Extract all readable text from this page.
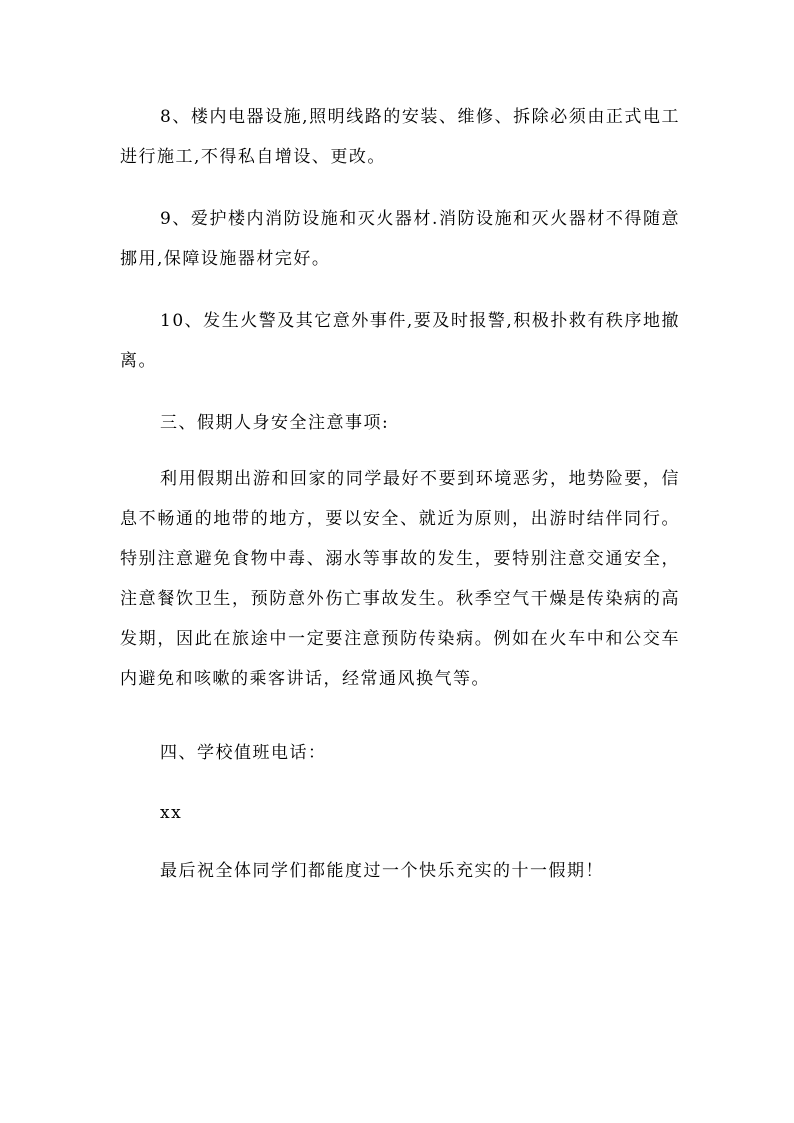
8、楼内电器设施,照明线路的安装、维修、拆除必须由正式电工进行施工,不得私自增设、更改。

9、爱护楼内消防设施和灭火器材.消防设施和灭火器材不得随意挪用,保障设施器材完好。

10、发生火警及其它意外事件,要及时报警,积极扑救有秩序地撤离。

三、假期人身安全注意事项:

利用假期出游和回家的同学最好不要到环境恶劣，地势险要，信息不畅通的地带的地方，要以安全、就近为原则，出游时结伴同行。特别注意避免食物中毒、溺水等事故的发生，要特别注意交通安全，注意餐饮卫生，预防意外伤亡事故发生。秋季空气干燥是传染病的高发期，因此在旅途中一定要注意预防传染病。例如在火车中和公交车内避免和咳嗽的乘客讲话，经常通风换气等。

四、学校值班电话：

xx

最后祝全体同学们都能度过一个快乐充实的十一假期！
